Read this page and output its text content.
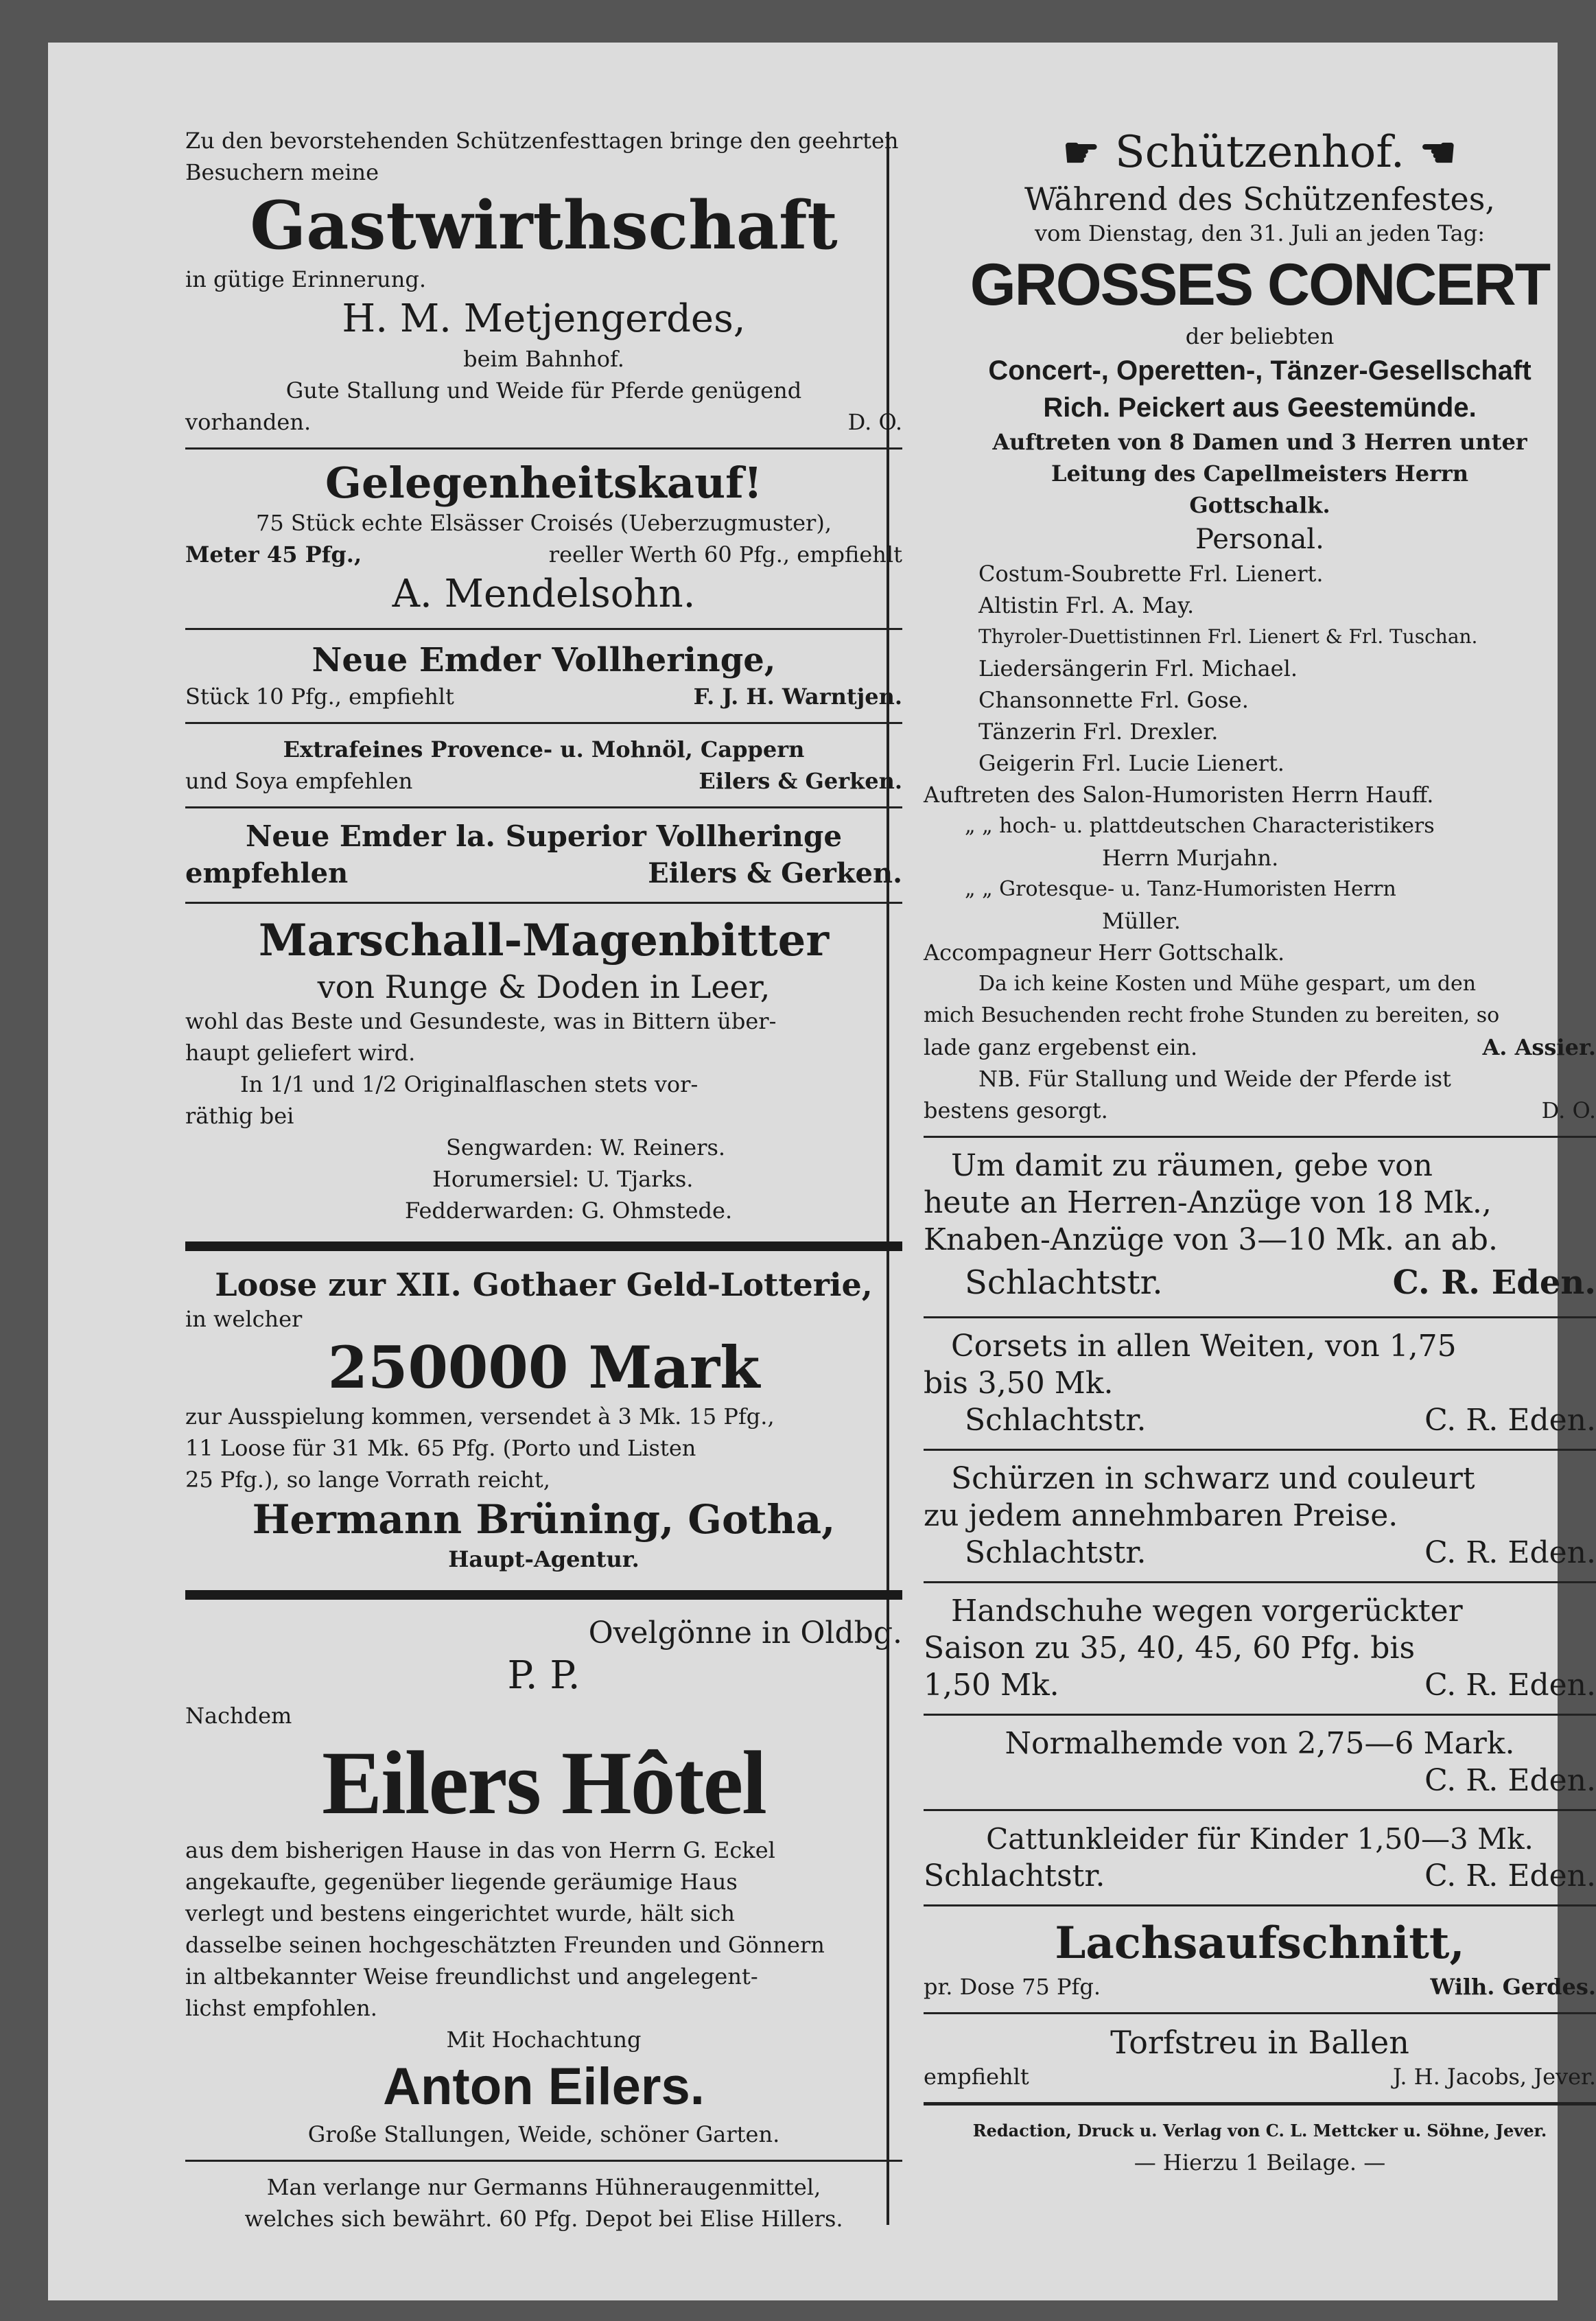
Zu den bevorstehenden Schützenfesttagen bringe den geehrten Besuchern meine
Gastwirthschaft
in gütige Erinnerung.
H. M. Metjengerdes,
beim Bahnhof.
Gute Stallung und Weide für Pferde genügend
vorhanden.	D. O.
Gelegenheitskauf!
75 Stück echte Elsässer Croisés (Ueberzugmuster),
Meter 45 Pfg.,	reeller Werth 60 Pfg., empfiehlt
A. Mendelsohn.
Neue Emder Vollheringe,
Stück 10 Pfg., empfiehlt	F. J. H. Warntjen.
Extrafeines Provence- u. Mohnöl, Cappern
und Soya empfehlen	Eilers & Gerken.
Neue Emder la. Superior Vollheringe
empfehlen	Eilers & Gerken.
Marschall-Magenbitter
von Runge & Doden in Leer,
wohl das Beste und Gesundeste, was in Bittern über-
haupt geliefert wird.
In 1/1 und 1/2 Originalflaschen stets vor-
räthig bei
Sengwarden: W. Reiners.
Horumersiel: U. Tjarks.
Fedderwarden: G. Ohmstede.
Loose zur XII. Gothaer Geld-Lotterie,
in welcher
250000 Mark
zur Ausspielung kommen, versendet à 3 Mk. 15 Pfg.,
11 Loose für 31 Mk. 65 Pfg. (Porto und Listen
25 Pfg.), so lange Vorrath reicht,
Hermann Brüning, Gotha,
Haupt-Agentur.
Ovelgönne in Oldbg.
P. P.
Nachdem
Eilers Hôtel
aus dem bisherigen Hause in das von Herrn G. Eckel
angekaufte, gegenüber liegende geräumige Haus
verlegt und bestens eingerichtet wurde, hält sich
dasselbe seinen hochgeschätzten Freunden und Gönnern
in altbekannter Weise freundlichst und angelegent-
lichst empfohlen.
Mit Hochachtung
Anton Eilers.
Große Stallungen, Weide, schöner Garten.
Man verlange nur Germanns Hühneraugenmittel,
welches sich bewährt. 60 Pfg. Depot bei Elise Hillers.
☛ Schützenhof. ☛
Während des Schützenfestes,
vom Dienstag, den 31. Juli an jeden Tag:
GROSSES CONCERT
der beliebten
Concert-, Operetten-, Tänzer-Gesellschaft
Rich. Peickert aus Geestemünde.
Auftreten von 8 Damen und 3 Herren unter
Leitung des Capellmeisters Herrn
Gottschalk.
Personal.
Costum-Soubrette Frl. Lienert.
Altistin Frl. A. May.
Thyroler-Duettistinnen Frl. Lienert & Frl. Tuschan.
Liedersängerin Frl. Michael.
Chansonnette Frl. Gose.
Tänzerin Frl. Drexler.
Geigerin Frl. Lucie Lienert.
Auftreten des Salon-Humoristen Herrn Hauff.
„ „ hoch- u. plattdeutschen Characteristikers
Herrn Murjahn.
„ „ Grotesque- u. Tanz-Humoristen Herrn
Müller.
Accompagneur Herr Gottschalk.
Da ich keine Kosten und Mühe gespart, um den
mich Besuchenden recht frohe Stunden zu bereiten, so
lade ganz ergebenst ein.	A. Assier.
NB. Für Stallung und Weide der Pferde ist
bestens gesorgt.	D. O.
Um damit zu räumen, gebe von
heute an Herren-Anzüge von 18 Mk.,
Knaben-Anzüge von 3—10 Mk. an ab.
Schlachtstr.	C. R. Eden.
Corsets in allen Weiten, von 1,75
bis 3,50 Mk.
Schlachtstr.	C. R. Eden.
Schürzen in schwarz und couleurt
zu jedem annehmbaren Preise.
Schlachtstr.	C. R. Eden.
Handschuhe wegen vorgerückter
Saison zu 35, 40, 45, 60 Pfg. bis
1,50 Mk.	C. R. Eden.
Normalhemde von 2,75—6 Mark.
C. R. Eden.
Cattunkleider für Kinder 1,50—3 Mk.
Schlachtstr.	C. R. Eden.
Lachsaufschnitt,
pr. Dose 75 Pfg.	Wilh. Gerdes.
Torfstreu in Ballen
empfiehlt	J. H. Jacobs, Jever.
Redaction, Druck u. Verlag von C. L. Mettcker u. Söhne, Jever.
— Hierzu 1 Beilage. —
